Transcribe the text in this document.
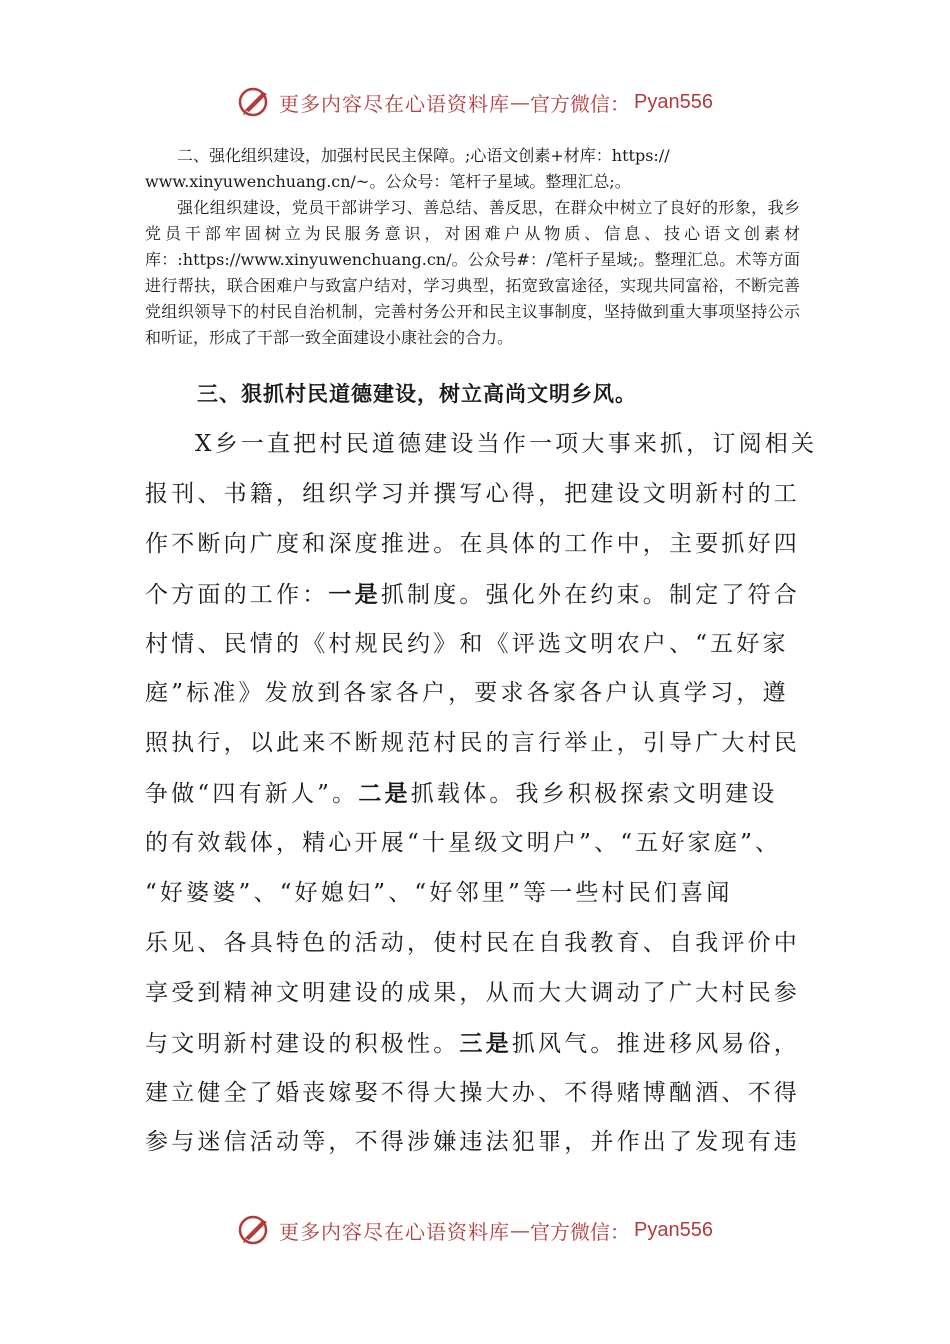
更多内容尽在心语资料库 — 官方微信： Pyan556

二、强化组织建设，加强村民民主保障。;心语文创素+材库：https://

www.xinyuwenchuang.cn/~。公众号：笔杆子星域。整理汇总;。

强化组织建设，党员干部讲学习、善总结、善反思，在群众中树立了良好的形象，我乡党员干部牢固树立为民服务意识，对困难户从物质、信息、技心语文创素材库：:https://www.xinyuwenchuang.cn/。公众号#：/笔杆子星域;。整理汇总。术等方面进行帮扶，联合困难户与致富户结对，学习典型，拓宽致富途径，实现共同富裕，不断完善党组织领导下的村民自治机制，完善村务公开和民主议事制度，坚持做到重大事项坚持公示和听证，形成了干部一致全面建设小康社会的合力。

三、狠抓村民道德建设，树立高尚文明乡风。
X乡一直把村民道德建设当作一项大事来抓，订阅相关
报刊、书籍，组织学习并撰写心得，把建设文明新村的工
作不断向广度和深度推进。在具体的工作中，主要抓好四
个方面的工作：一是抓制度。强化外在约束。制定了符合
村情、民情的《村规民约》和《评选文明农户、“五好家
庭”标准》发放到各家各户，要求各家各户认真学习，遵
照执行，以此来不断规范村民的言行举止，引导广大村民
争做“四有新人”。二是抓载体。我乡积极探索文明建设
的有效载体，精心开展“十星级文明户”、“五好家庭”、
“好婆婆”、“好媳妇”、“好邻里”等一些村民们喜闻
乐见、各具特色的活动，使村民在自我教育、自我评价中
享受到精神文明建设的成果，从而大大调动了广大村民参
与文明新村建设的积极性。三是抓风气。推进移风易俗，
建立健全了婚丧嫁娶不得大操大办、不得赌博酗酒、不得
参与迷信活动等，不得涉嫌违法犯罪，并作出了发现有违
更多内容尽在心语资料库 — 官方微信： Pyan556
